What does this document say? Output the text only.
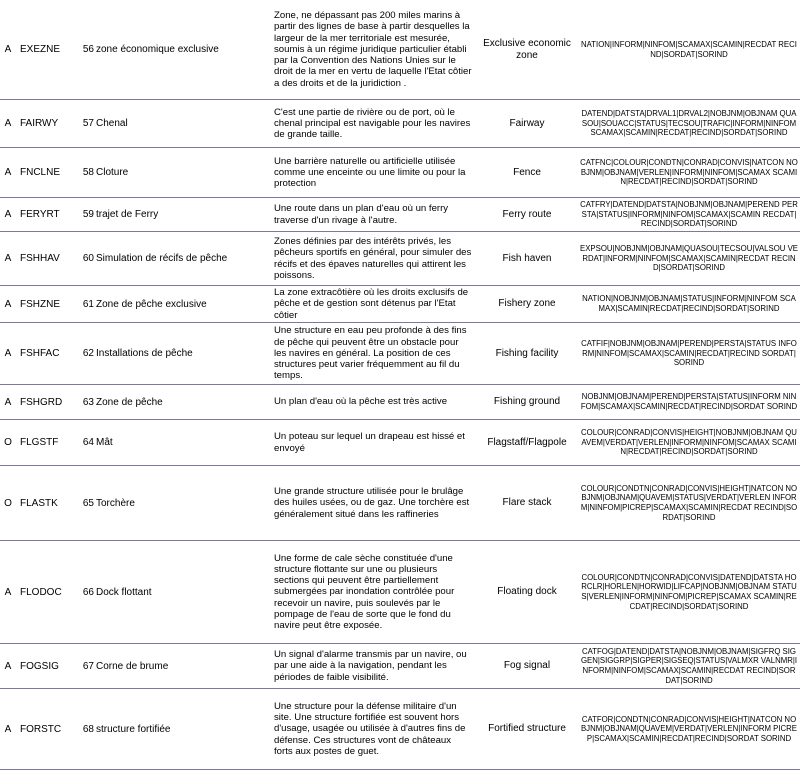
A EXEZNE 56 zone économique exclusive
Zone, ne dépassant pas 200 miles marins à partir des lignes de base à partir desquelles la largeur de la mer territoriale est mesurée, soumis à un régime juridique particulier établi par la Convention des Nations Unies sur le droit de la mer en vertu de laquelle l'Etat côtier a des droits et de la juridiction .
Exclusive economic zone
NATION|INFORM|NINFOM|SCAMAX|SCAMIN|RECDAT RECIND|SORDAT|SORIND
A FAIRWY 57 Chenal
C'est une partie de rivière ou de port, où le chenal principal est navigable pour les navires de grande taille.
Fairway
DATEND|DATSTA|DRVAL1|DRVAL2|NOBJNM|OBJNAM QUASOU|SOUACC|STATUS|TECSOU|TRAFIC|INFORM|NINFOM SCAMAX|SCAMIN|RECDAT|RECIND|SORDAT|SORIND
A FNCLNE 58 Cloture
Une barrière naturelle ou artificielle utilisée comme une enceinte ou une limite ou pour la protection
Fence
CATFNC|COLOUR|CONDTN|CONRAD|CONVIS|NATCON NOBJNM|OBJNAM|VERLEN|INFORM|NINFOM|SCAMAX SCAMIN|RECDAT|RECIND|SORDAT|SORIND
A FERYRT 59 trajet de Ferry
Une route dans un plan d'eau où un ferry traverse d'un rivage à l'autre.
Ferry route
CATFRY|DATEND|DATSTA|NOBJNM|OBJNAM|PEREND PERSTA|STATUS|INFORM|NINFOM|SCAMAX|SCAMIN RECDAT|RECIND|SORDAT|SORIND
A FSHHAV 60 Simulation de récifs de pêche
Zones définies par des intérêts privés, les pêcheurs sportifs en général, pour simuler des récifs et des épaves naturelles qui attirent les poissons.
Fish haven
EXPSOU|NOBJNM|OBJNAM|QUASOU|TECSOU|VALSOU VERDAT|INFORM|NINFOM|SCAMAX|SCAMIN|RECDAT RECIND|SORDAT|SORIND
A FSHZNE 61 Zone de pêche exclusive
La zone extracôtière où les droits exclusifs de pêche et de gestion sont détenus par l'Etat côtier
Fishery zone	NATION|NOBJNM|OBJNAM|STATUS|INFORM|NINFOM SCAMAX|SCAMIN|RECDAT|RECIND|SORDAT|SORIND
A FSHFAC 62 Installations de pêche
Une structure en eau peu profonde à des fins de pêche qui peuvent être un obstacle pour les navires en général. La position de ces structures peut varier fréquemment au fil du temps.
Fishing facility
CATFIF|NOBJNM|OBJNAM|PEREND|PERSTA|STATUS INFORM|NINFOM|SCAMAX|SCAMIN|RECDAT|RECIND SORDAT|SORIND
A FSHGRD 63 Zone de pêche	Un plan d'eau où la pêche est très active	Fishing ground	NOBJNM|OBJNAM|PEREND|PERSTA|STATUS|INFORM NINFOM|SCAMAX|SCAMIN|RECDAT|RECIND|SORDAT SORIND
O FLGSTF 64 Mât
Un poteau sur lequel un drapeau est hissé et envoyé
Flagstaff/Flagpole
COLOUR|CONRAD|CONVIS|HEIGHT|NOBJNM|OBJNAM QUAVEM|VERDAT|VERLEN|INFORM|NINFOM|SCAMAX SCAMIN|RECDAT|RECIND|SORDAT|SORIND
O FLASTK	65 Torchère
Une grande structure utilisée pour le brulâge des huiles usées, ou de gaz. Une torchère est généralement situé dans les raffineries
Flare stack
COLOUR|CONDTN|CONRAD|CONVIS|HEIGHT|NATCON NOBJNM|OBJNAM|QUAVEM|STATUS|VERDAT|VERLEN INFORM|NINFOM|PICREP|SCAMAX|SCAMIN|RECDAT RECIND|SORDAT|SORIND
A FLODOC 66 Dock flottant
Une forme de cale sèche constituée d'une structure flottante sur une ou plusieurs sections qui peuvent être partiellement submergées par inondation contrôlée pour recevoir un navire, puis soulevés par le pompage de l'eau de sorte que le fond du navire peut être exposée.
Floating dock
COLOUR|CONDTN|CONRAD|CONVIS|DATEND|DATSTA HORCLR|HORLEN|HORWID|LIFCAP|NOBJNM|OBJNAM STATUS|VERLEN|INFORM|NINFOM|PICREP|SCAMAX SCAMIN|RECDAT|RECIND|SORDAT|SORIND
A FOGSIG 67 Corne de brume
Un signal d'alarme transmis par un navire, ou par une aide à la navigation, pendant les périodes de faible visibilité.
Fog signal
CATFOG|DATEND|DATSTA|NOBJNM|OBJNAM|SIGFRQ SIGGEN|SIGGRP|SIGPER|SIGSEQ|STATUS|VALMXR VALNMR|INFORM|NINFOM|SCAMAX|SCAMIN|RECDAT RECIND|SORDAT|SORIND
A FORSTC 68 structure fortifiée
Une structure pour la défense militaire d'un site. Une structure fortifiée est souvent hors d'usage, usagée ou utilisée à d'autres fins de défense. Ces structures vont de châteaux forts aux postes de guet.
Fortified structure
CATFOR|CONDTN|CONRAD|CONVIS|HEIGHT|NATCON NOBJNM|OBJNAM|QUAVEM|VERDAT|VERLEN|INFORM PICREP|SCAMAX|SCAMIN|RECDAT|RECIND|SORDAT SORIND
